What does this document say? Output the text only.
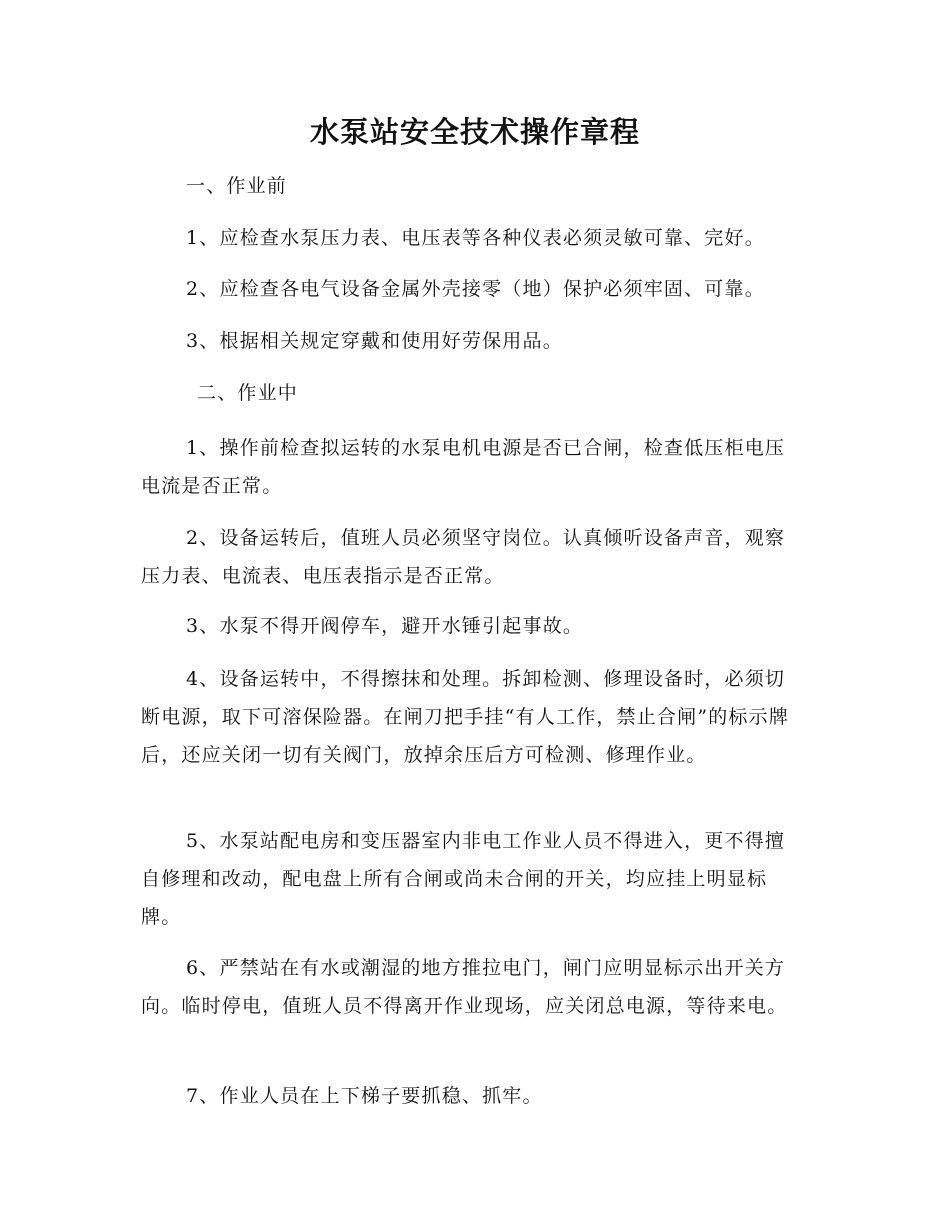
水泵站安全技术操作章程

一、作业前

1、应检查水泵压力表、电压表等各种仪表必须灵敏可靠、完好。

2、应检查各电气设备金属外壳接零（地）保护必须牢固、可靠。

3、根据相关规定穿戴和使用好劳保用品。

二、作业中

1、操作前检查拟运转的水泵电机电源是否已合闸，检查低压柜电压电流是否正常。

2、设备运转后，值班人员必须坚守岗位。认真倾听设备声音，观察压力表、电流表、电压表指示是否正常。

3、水泵不得开阀停车，避开水锤引起事故。

4、设备运转中，不得擦抹和处理。拆卸检测、修理设备时，必须切断电源，取下可溶保险器。在闸刀把手挂“有人工作，禁止合闸”的标示牌后，还应关闭一切有关阀门，放掉余压后方可检测、修理作业。

5、水泵站配电房和变压器室内非电工作业人员不得进入，更不得擅自修理和改动，配电盘上所有合闸或尚未合闸的开关，均应挂上明显标牌。

6、严禁站在有水或潮湿的地方推拉电门，闸门应明显标示出开关方向。临时停电，值班人员不得离开作业现场，应关闭总电源，等待来电。

7、作业人员在上下梯子要抓稳、抓牢。
